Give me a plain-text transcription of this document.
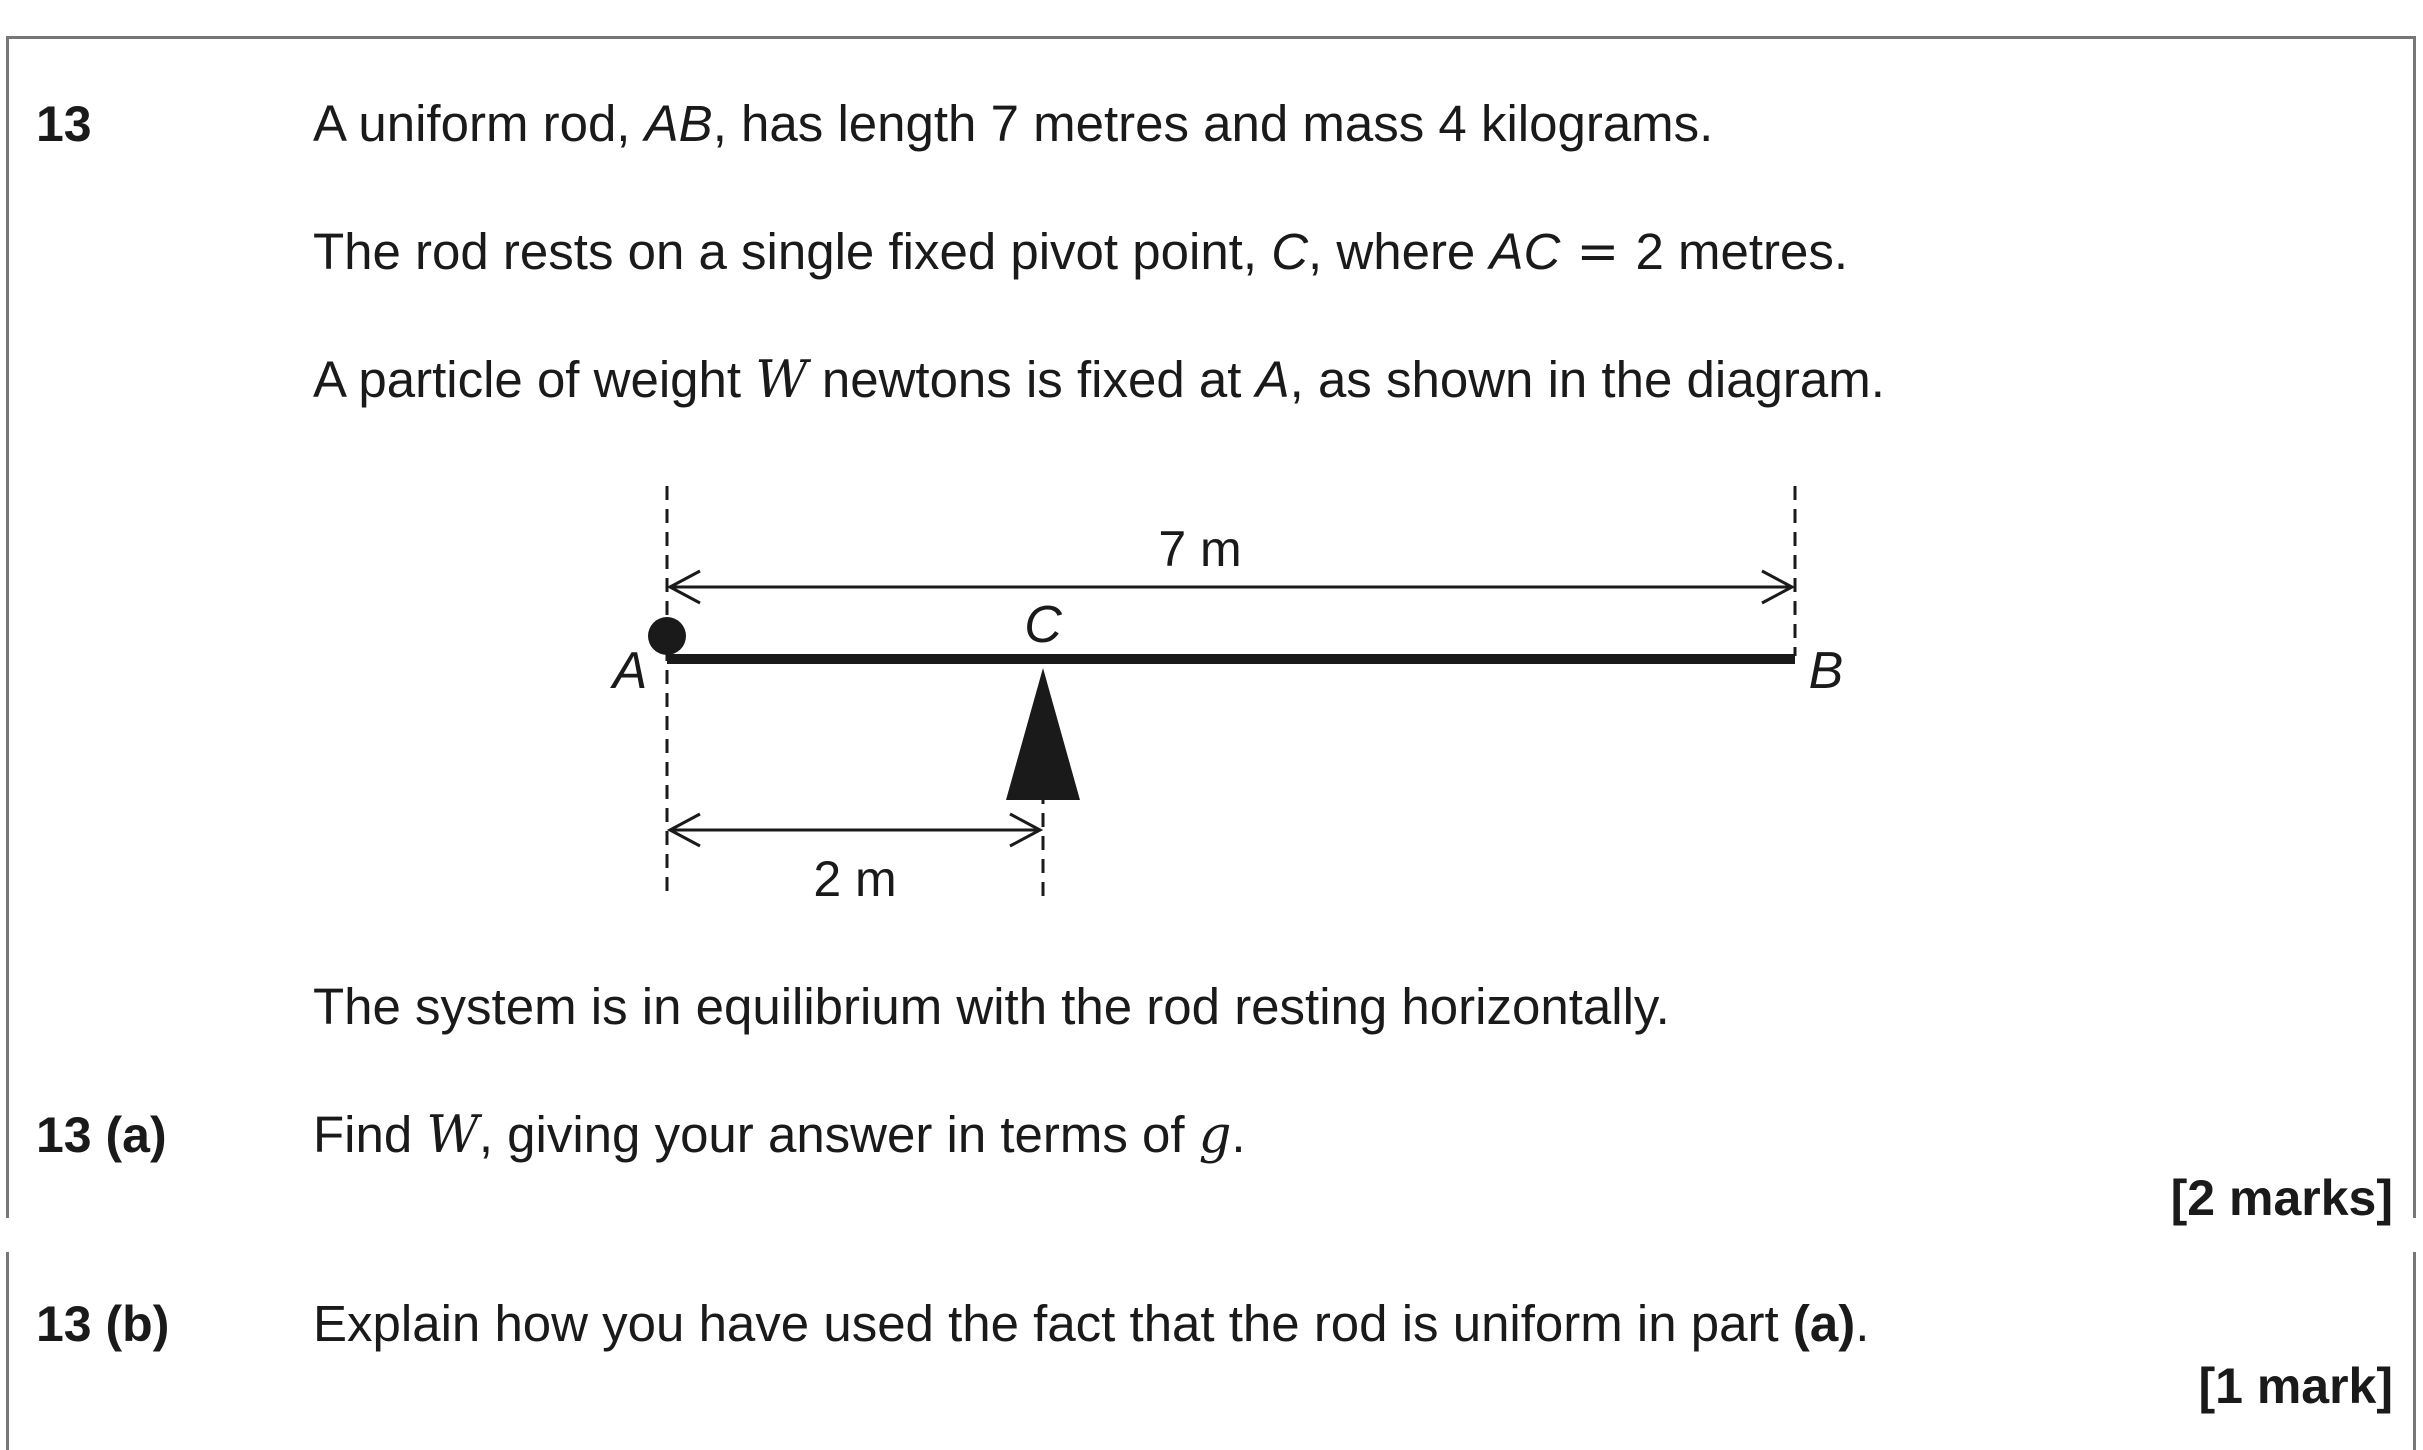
13	A uniform rod, AB, has length 7 metres and mass 4 kilograms.
The rod rests on a single fixed pivot point, C, where AC = 2 metres.
A particle of weight W newtons is fixed at A, as shown in the diagram.
7 m
A
C
B
2 m
The system is in equilibrium with the rod resting horizontally.
13 (a)	Find W, giving your answer in terms of g.
[2 marks]
13 (b)	Explain how you have used the fact that the rod is uniform in part (a).
[1 mark]
